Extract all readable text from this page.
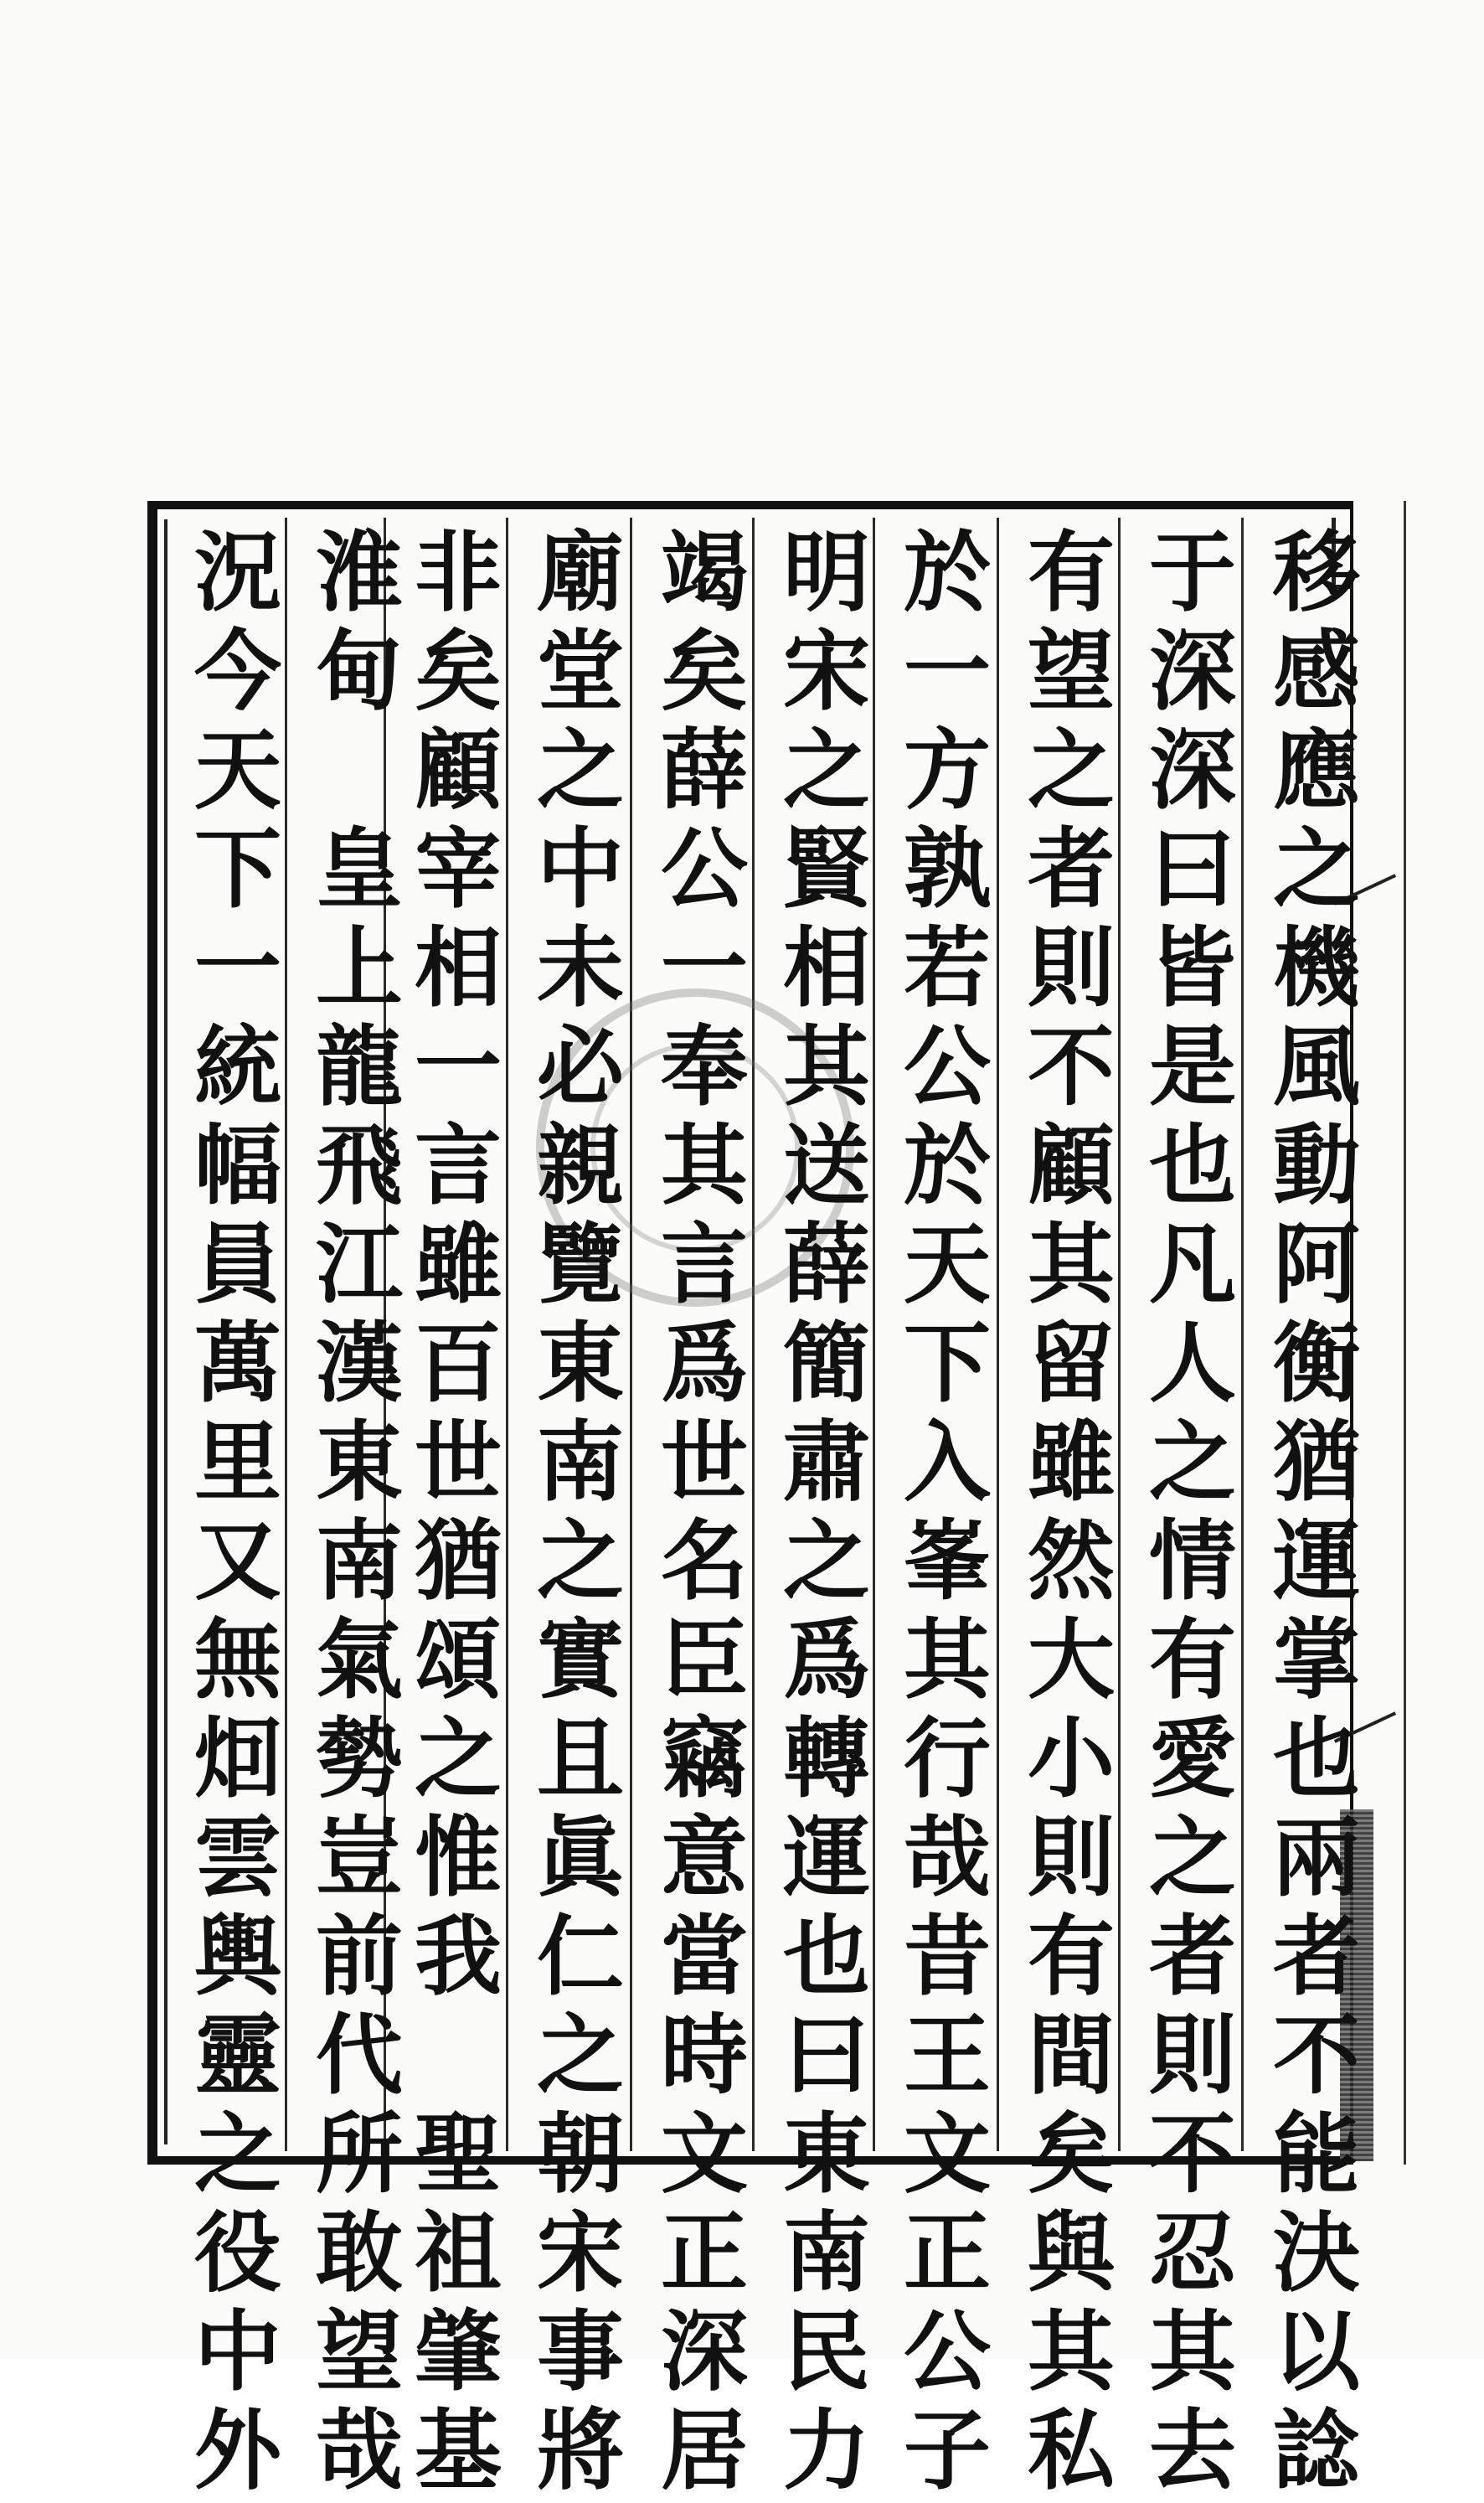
移感應之機風動阿衡猶運掌也兩者不能決以諗
于深深曰皆是也凡人之情有愛之者則不忍其去
有望之者則不顧其留雖然大小則有間矣與其私
於一方孰若公於天下入峯其行哉昔王文正公子
明宋之賢相其送薛簡肅之爲轉運也曰東南民力
竭矣薛公一奉其言爲世名臣竊意當時文正深居
廟堂之中未必親覽東南之實且眞仁之朝宋事將
非矣顧宰相一言雖百世猶頌之惟我　聖祖肇基
淮甸　皇上龍飛江漢東南氣勢豈前代所敢望哉
況今天下一統幅員萬里又無𤇆雲輿靈之役中外
